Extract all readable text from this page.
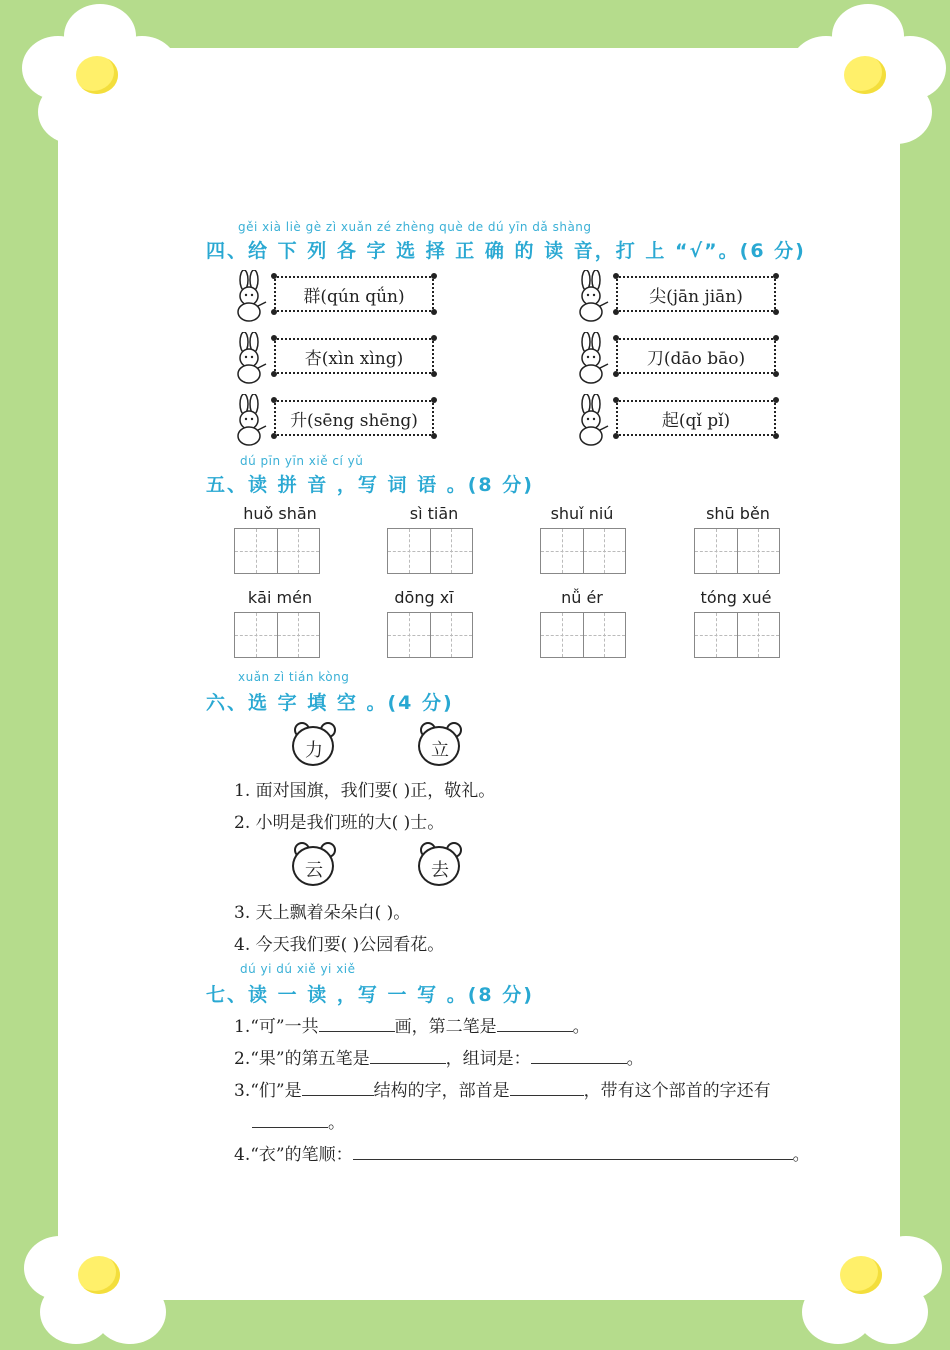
gěi xià liè gè zì xuǎn zé zhèng què de dú yīn dǎ shàng
四、给 下 列 各 字 选 择 正 确 的 读 音，打 上 “√”。(6 分)
群(qún qǘn)	尖(jān jiān)
杏(xìn xìng)	刀(dāo bāo)
升(sēng shēng)	起(qǐ pǐ)
dú pīn yīn xiě cí yǔ
五、读 拼 音 ，写 词 语 。(8 分)
huǒ shān	sì tiān	shuǐ niú	shū běn
kāi mén	dōng xī	nǚ ér	tóng xué
xuǎn zì tián kòng
六、选 字 填 空 。(4 分)
力	立
1. 面对国旗，我们要( )正，敬礼。
2. 小明是我们班的大( )士。
云	去
3. 天上飘着朵朵白( )。
4. 今天我们要( )公园看花。
dú yi dú xiě yi xiě
七、读 一 读 ，写 一 写 。(8 分)
1.“可”一共	画，第二笔是	。
2.“果”的第五笔是	，组词是：	。
3.“们”是	结构的字，部首是	，带有这个部首的字还有
。
4.“衣”的笔顺：	。
